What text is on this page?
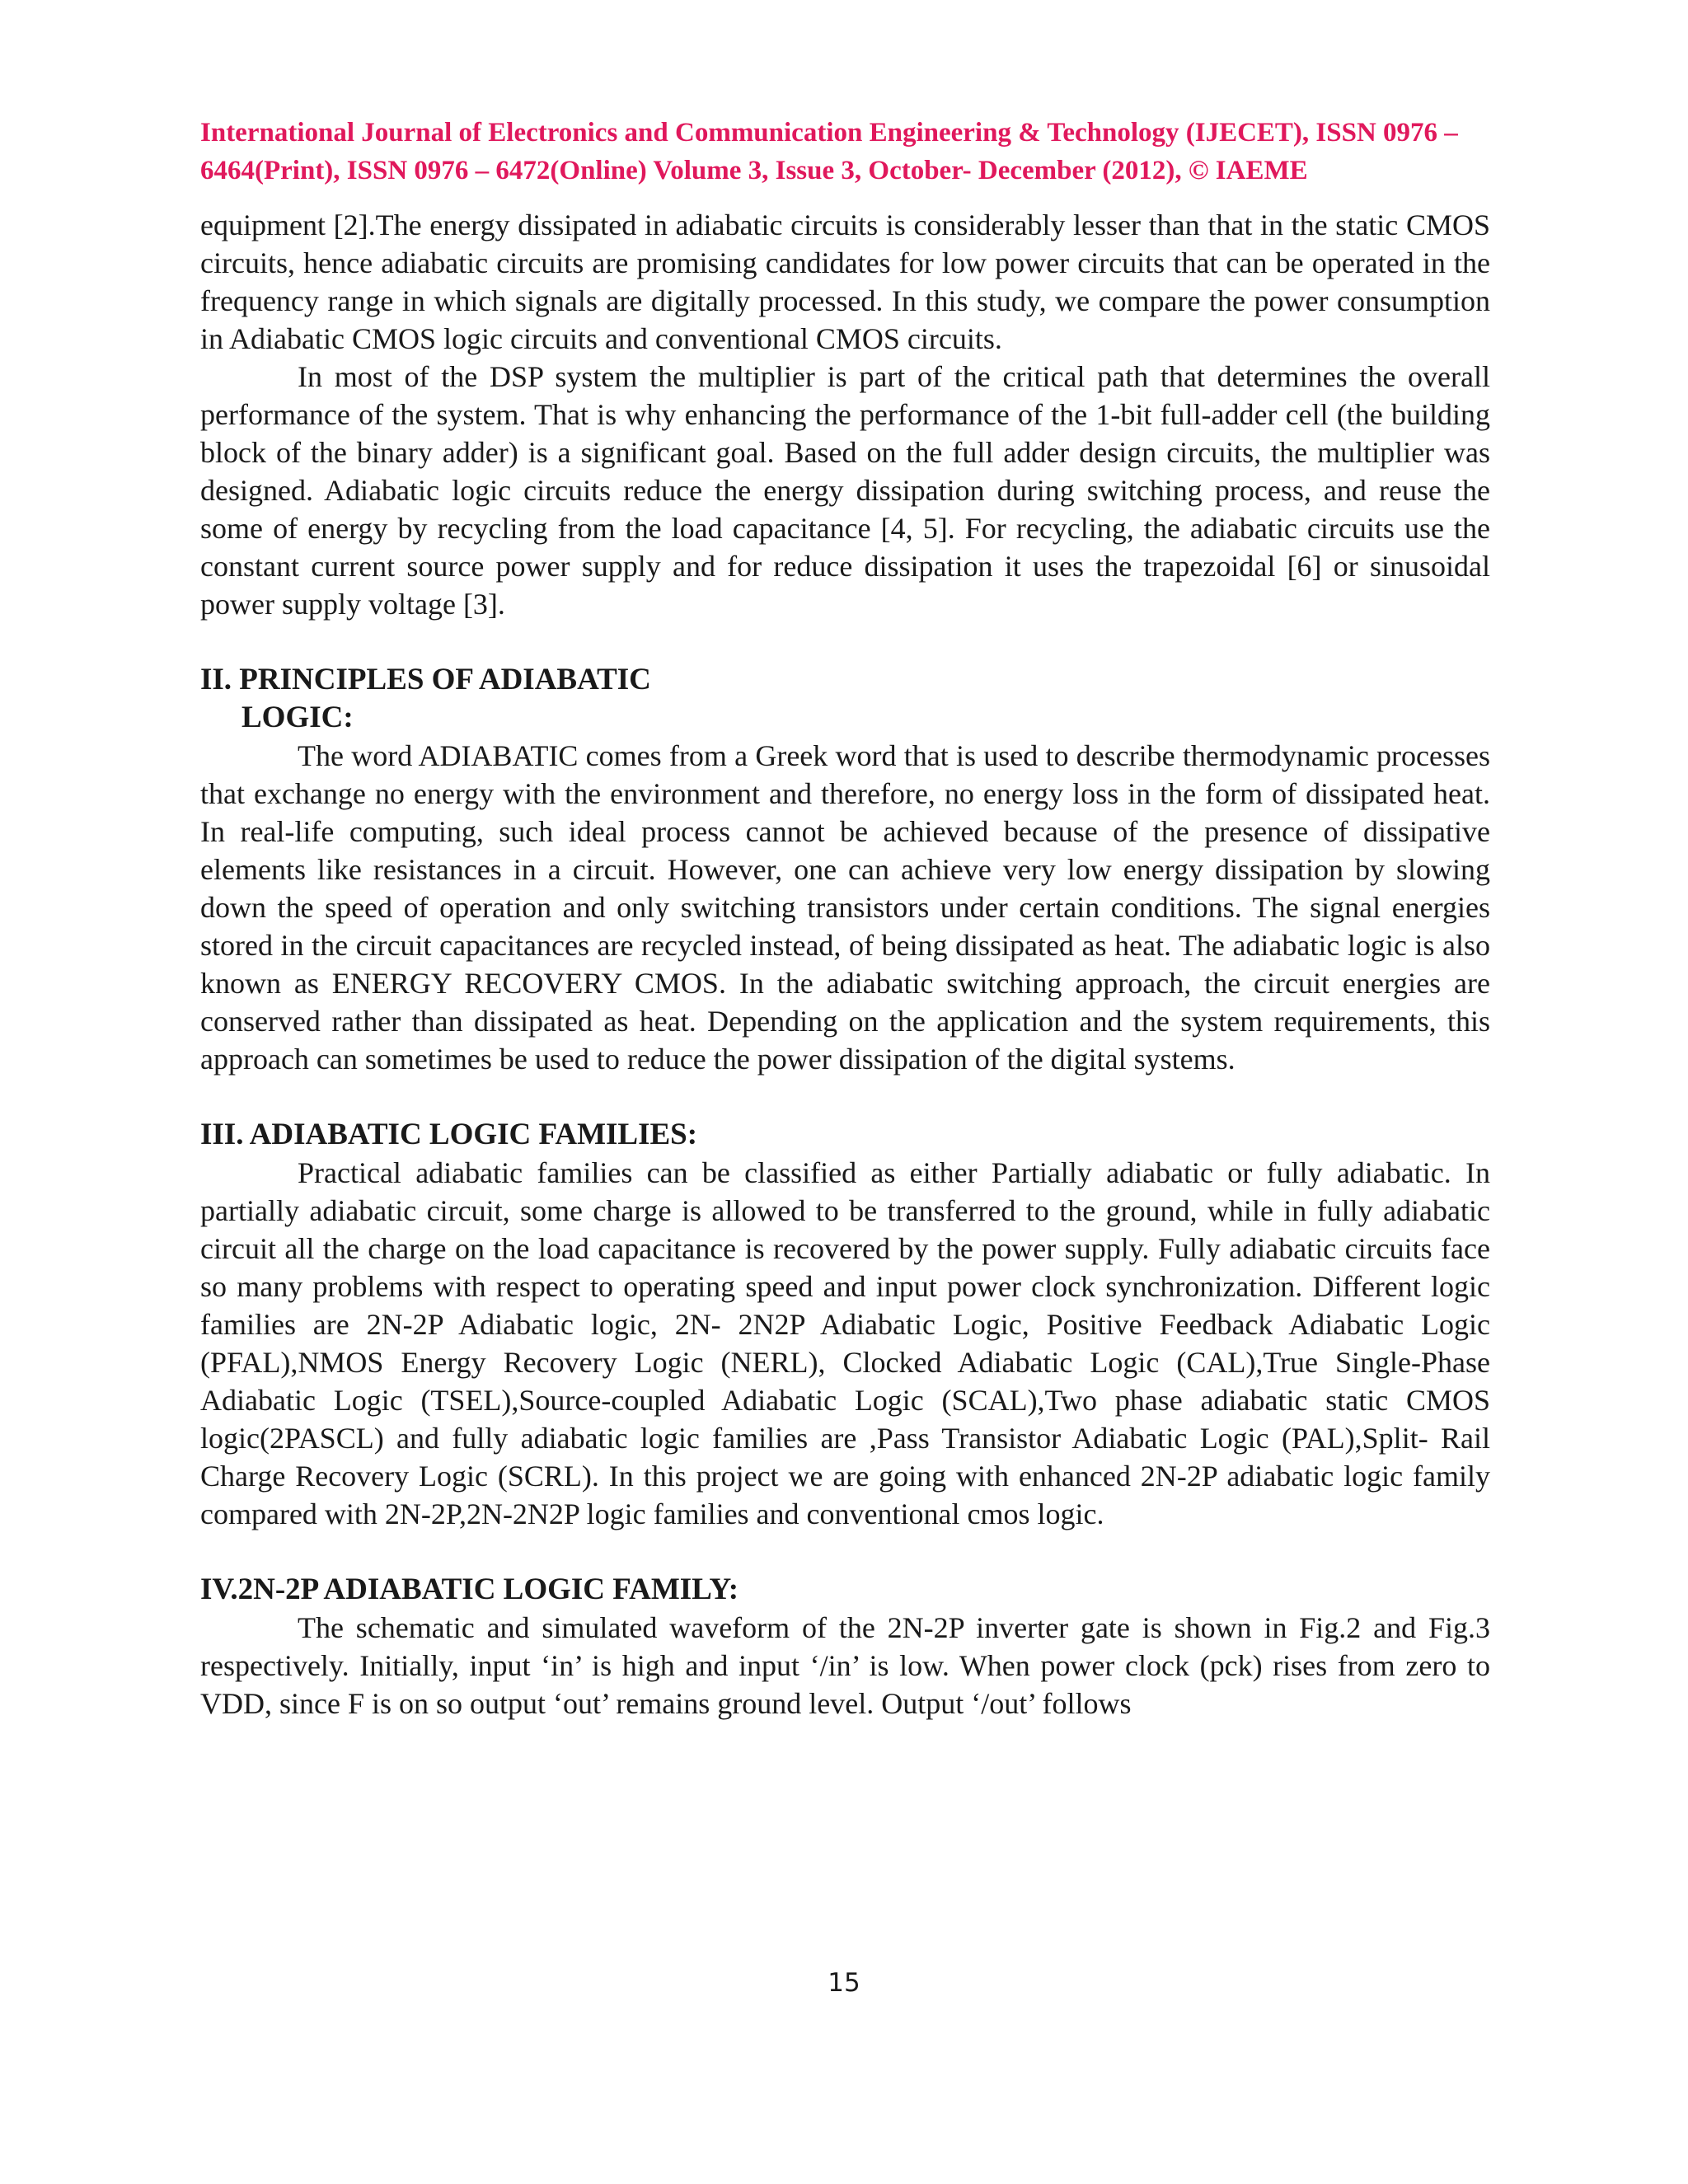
International Journal of Electronics and Communication Engineering & Technology (IJECET), ISSN 0976 –
6464(Print), ISSN 0976 – 6472(Online) Volume 3, Issue 3, October- December (2012), © IAEME

equipment [2].The energy dissipated in adiabatic circuits is considerably lesser than that in the static CMOS circuits, hence adiabatic circuits are promising candidates for low power circuits that can be operated in the frequency range in which signals are digitally processed. In this study, we compare the power consumption in Adiabatic CMOS logic circuits and conventional CMOS circuits.

In most of the DSP system the multiplier is part of the critical path that determines the overall performance of the system. That is why enhancing the performance of the 1-bit full-adder cell (the building block of the binary adder) is a significant goal. Based on the full adder design circuits, the multiplier was designed. Adiabatic logic circuits reduce the energy dissipation during switching process, and reuse the some of energy by recycling from the load capacitance [4, 5]. For recycling, the adiabatic circuits use the constant current source power supply and for reduce dissipation it uses the trapezoidal [6] or sinusoidal power supply voltage [3].

II. PRINCIPLES OF ADIABATIC
LOGIC:

The word ADIABATIC comes from a Greek word that is used to describe thermodynamic processes that exchange no energy with the environment and therefore, no energy loss in the form of dissipated heat. In real-life computing, such ideal process cannot be achieved because of the presence of dissipative elements like resistances in a circuit. However, one can achieve very low energy dissipation by slowing down the speed of operation and only switching transistors under certain conditions. The signal energies stored in the circuit capacitances are recycled instead, of being dissipated as heat. The adiabatic logic is also known as ENERGY RECOVERY CMOS. In the adiabatic switching approach, the circuit energies are conserved rather than dissipated as heat. Depending on the application and the system requirements, this approach can sometimes be used to reduce the power dissipation of the digital systems.

III. ADIABATIC LOGIC FAMILIES:

Practical adiabatic families can be classified as either Partially adiabatic or fully adiabatic. In partially adiabatic circuit, some charge is allowed to be transferred to the ground, while in fully adiabatic circuit all the charge on the load capacitance is recovered by the power supply. Fully adiabatic circuits face so many problems with respect to operating speed and input power clock synchronization. Different logic families are 2N-2P Adiabatic logic, 2N- 2N2P Adiabatic Logic, Positive Feedback Adiabatic Logic (PFAL),NMOS Energy Recovery Logic (NERL), Clocked Adiabatic Logic (CAL),True Single-Phase Adiabatic Logic (TSEL),Source-coupled Adiabatic Logic (SCAL),Two phase adiabatic static CMOS logic(2PASCL) and fully adiabatic logic families are ,Pass Transistor Adiabatic Logic (PAL),Split- Rail Charge Recovery Logic (SCRL). In this project we are going with enhanced 2N-2P adiabatic logic family compared with 2N-2P,2N-2N2P logic families and conventional cmos logic.

IV.2N-2P ADIABATIC LOGIC FAMILY:

The schematic and simulated waveform of the 2N-2P inverter gate is shown in Fig.2 and Fig.3 respectively. Initially, input ‘in’ is high and input ‘/in’ is low. When power clock (pck) rises from zero to VDD, since F is on so output ‘out’ remains ground level. Output ‘/out’ follows

15
